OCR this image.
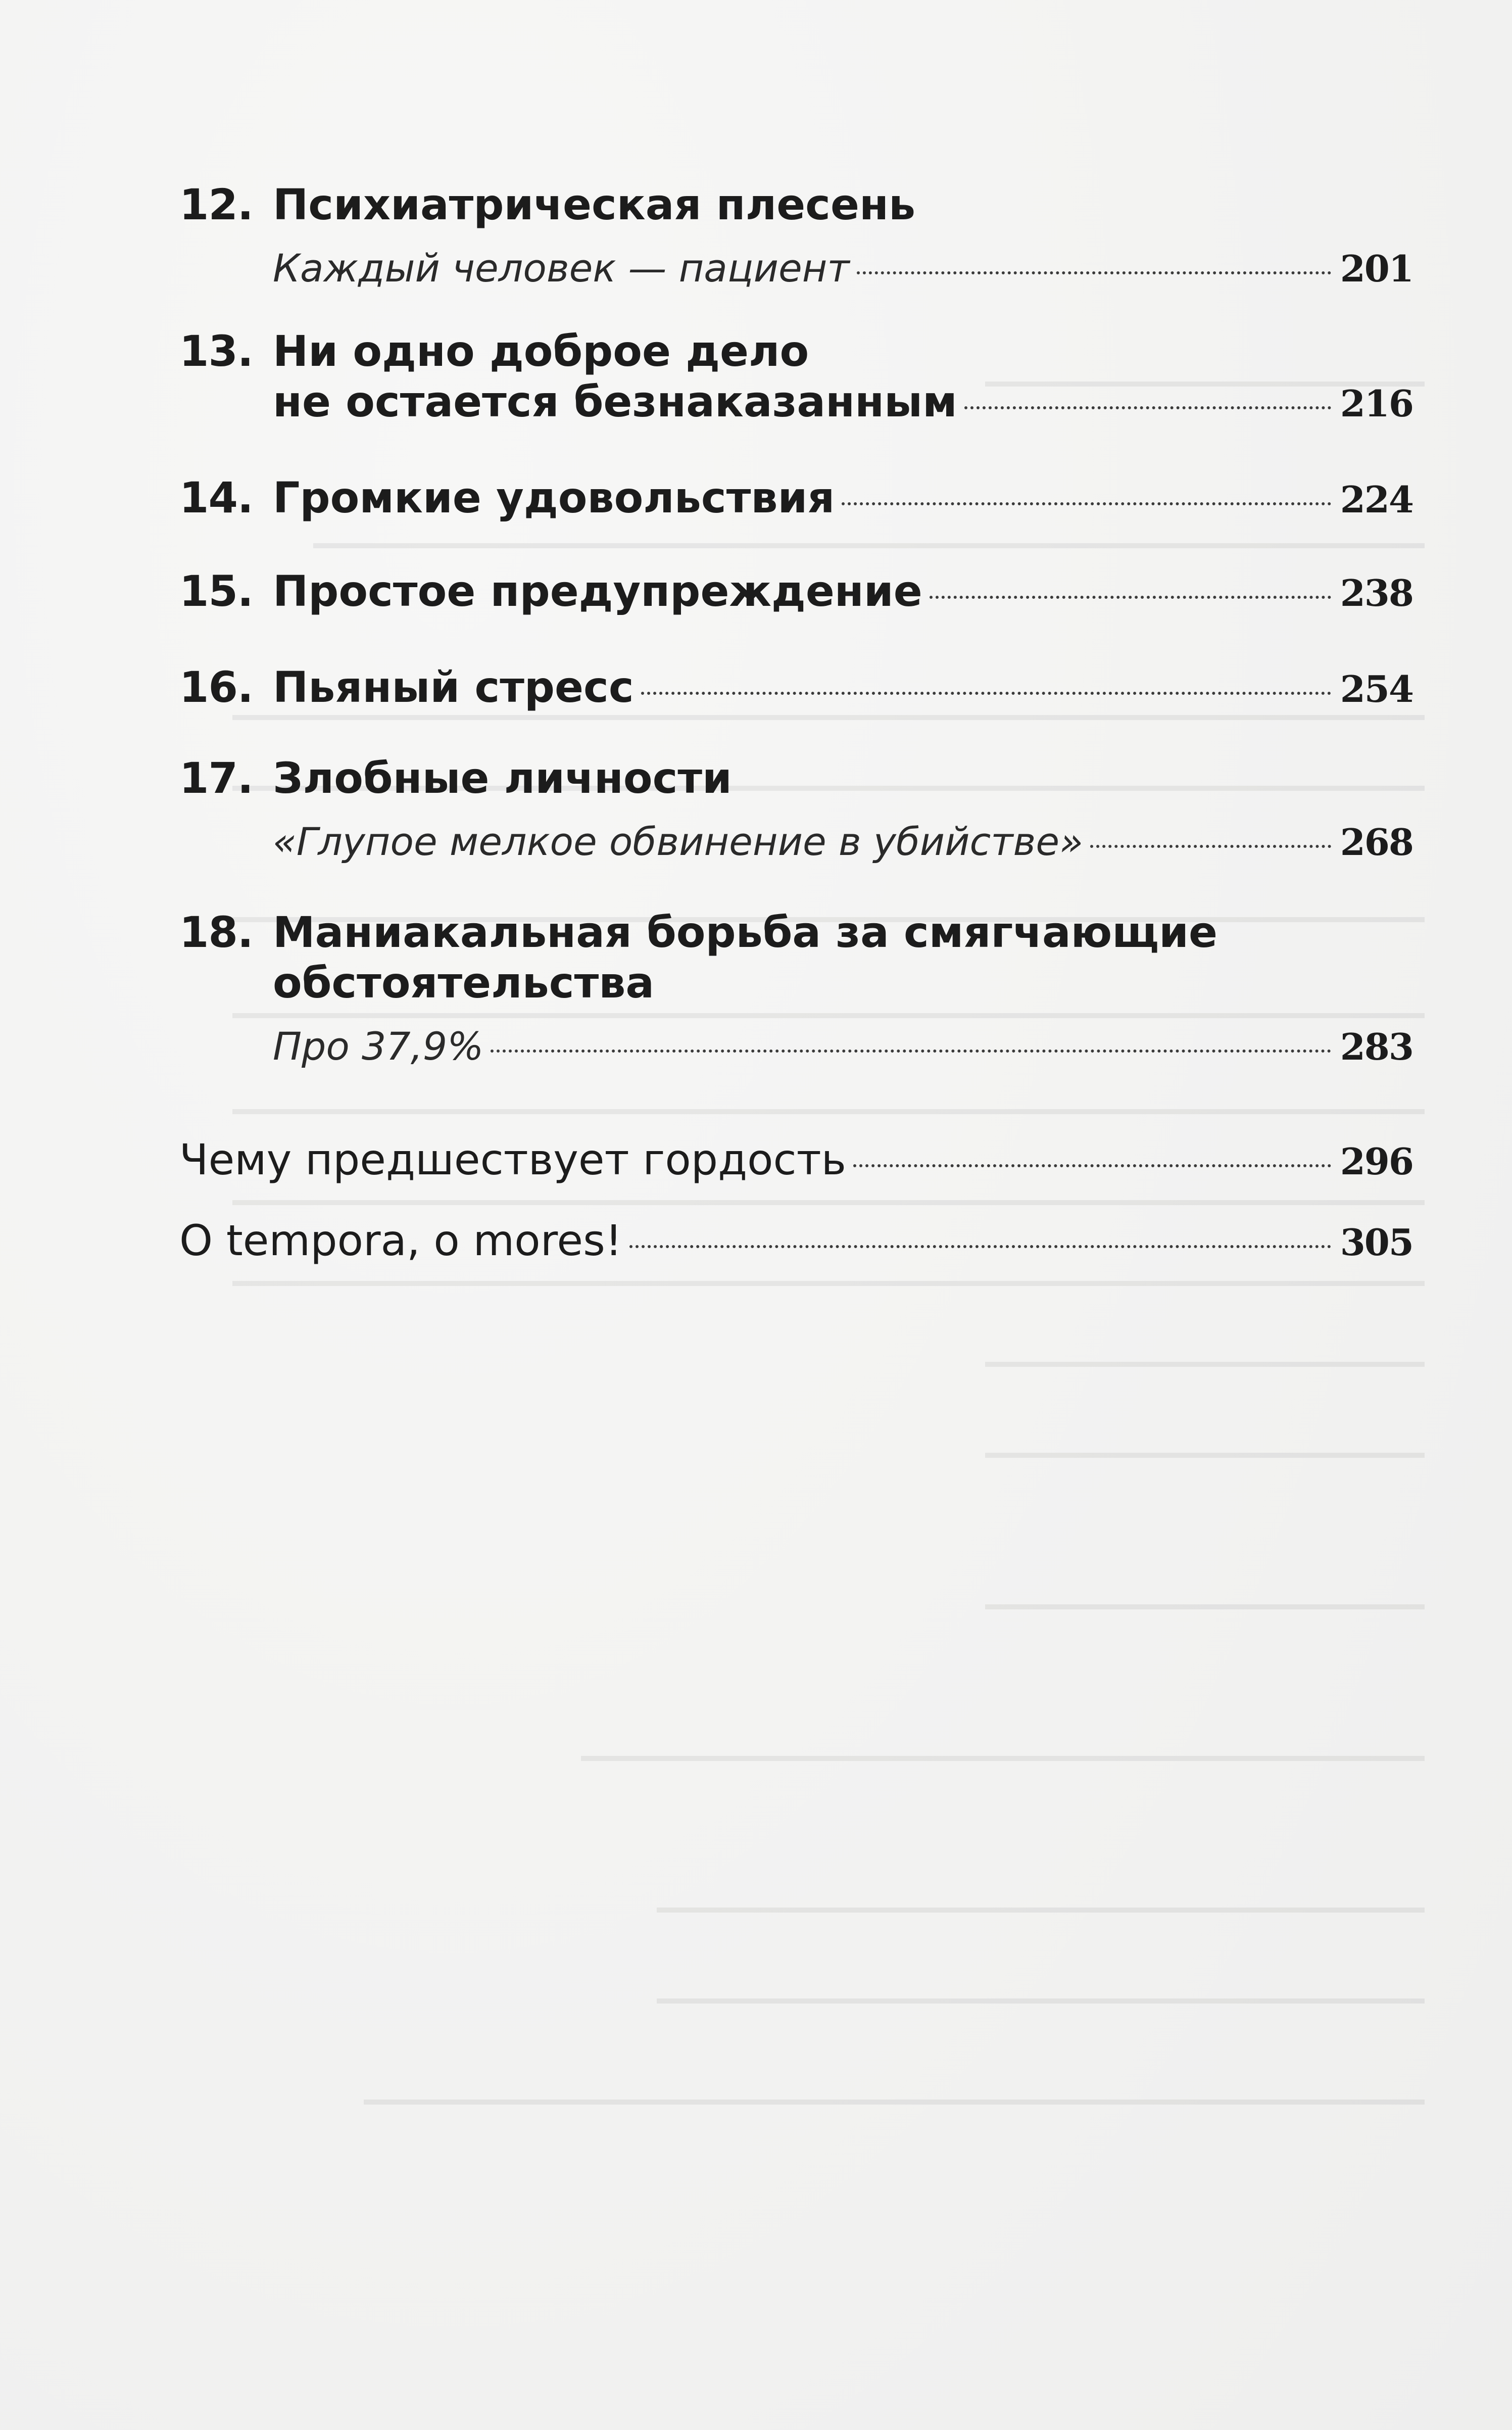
12. Психиатрическая плесень
Каждый человек — пациент	201
13. Ни одно доброе дело
не остается безнаказанным	216
14. Громкие удовольствия	224
15. Простое предупреждение	238
16. Пьяный стресс	254
17. Злобные личности
«Глупое мелкое обвинение в убийстве»	268
18. Маниакальная борьба за смягчающие
обстоятельства
Про 37,9%	283
Чему предшествует гордость	296
O tempora, o mores!	305
